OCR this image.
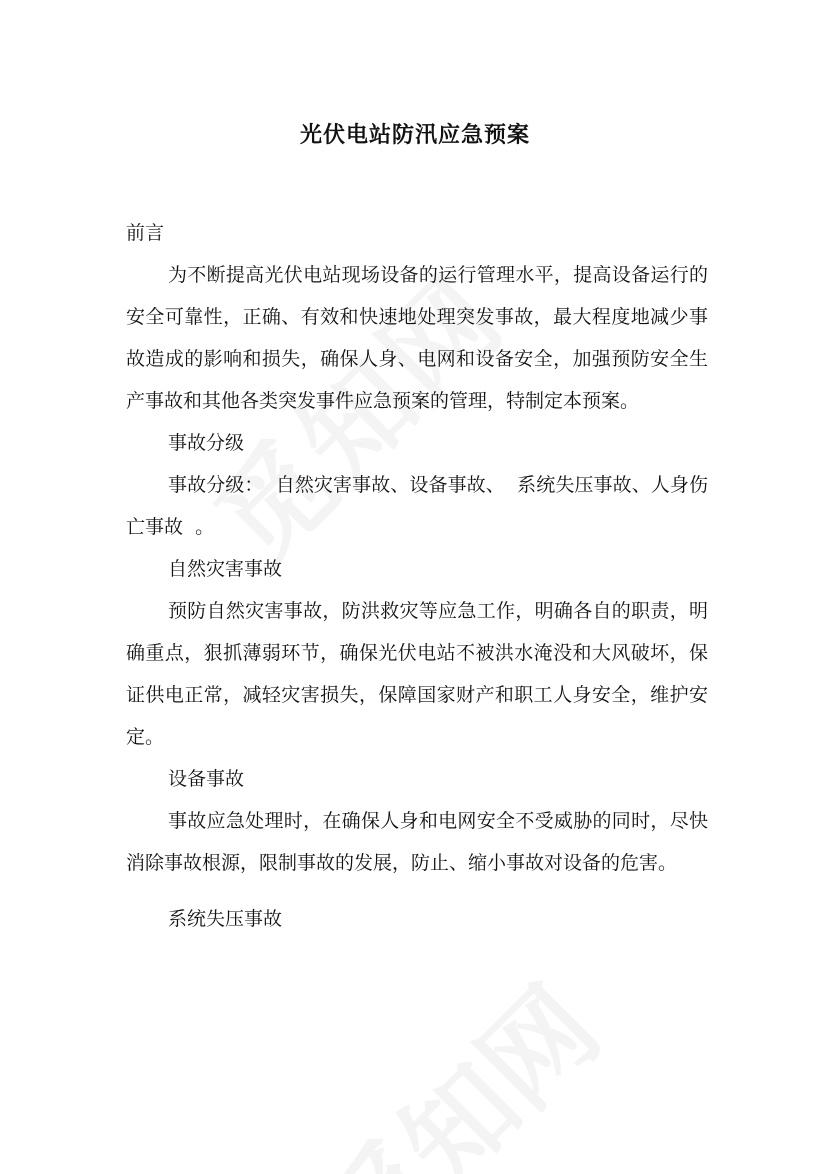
光伏电站防汛应急预案

前言

为不断提高光伏电站现场设备的运行管理水平，提高设备运行的安全可靠性，正确、有效和快速地处理突发事故，最大程度地减少事故造成的影响和损失，确保人身、电网和设备安全，加强预防安全生产事故和其他各类突发事件应急预案的管理，特制定本预案。

事故分级

事故分级：  自然灾害事故、设备事故、  系统失压事故、人身伤亡事故  。

自然灾害事故

预防自然灾害事故，防洪救灾等应急工作，明确各自的职责，明确重点，狠抓薄弱环节，确保光伏电站不被洪水淹没和大风破坏，保证供电正常，减轻灾害损失，保障国家财产和职工人身安全，维护安定。

设备事故

事故应急处理时，在确保人身和电网安全不受威胁的同时，尽快消除事故根源，限制事故的发展，防止、缩小事故对设备的危害。

系统失压事故
